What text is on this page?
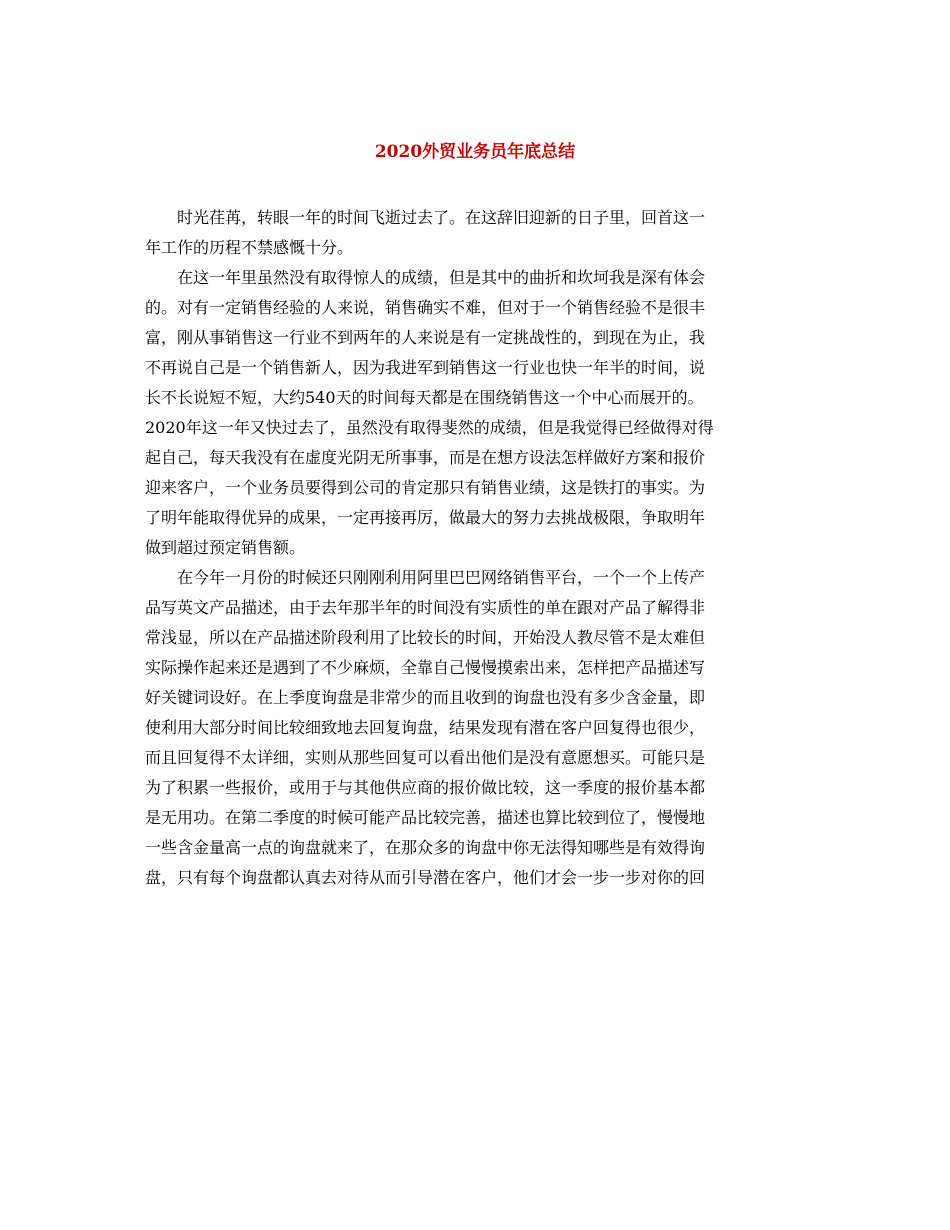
2020外贸业务员年底总结
时光荏苒，转眼一年的时间飞逝过去了。在这辞旧迎新的日子里，回首这一
年工作的历程不禁感慨十分。
在这一年里虽然没有取得惊人的成绩，但是其中的曲折和坎坷我是深有体会
的。对有一定销售经验的人来说，销售确实不难，但对于一个销售经验不是很丰
富，刚从事销售这一行业不到两年的人来说是有一定挑战性的，到现在为止，我
不再说自己是一个销售新人，因为我进军到销售这一行业也快一年半的时间，说
长不长说短不短，大约540天的时间每天都是在围绕销售这一个中心而展开的。
2020年这一年又快过去了，虽然没有取得斐然的成绩，但是我觉得已经做得对得
起自己，每天我没有在虚度光阴无所事事，而是在想方设法怎样做好方案和报价
迎来客户，一个业务员要得到公司的肯定那只有销售业绩，这是铁打的事实。为
了明年能取得优异的成果，一定再接再厉，做最大的努力去挑战极限，争取明年
做到超过预定销售额。
在今年一月份的时候还只刚刚利用阿里巴巴网络销售平台，一个一个上传产
品写英文产品描述，由于去年那半年的时间没有实质性的单在跟对产品了解得非
常浅显，所以在产品描述阶段利用了比较长的时间，开始没人教尽管不是太难但
实际操作起来还是遇到了不少麻烦，全靠自己慢慢摸索出来，怎样把产品描述写
好关键词设好。在上季度询盘是非常少的而且收到的询盘也没有多少含金量，即
使利用大部分时间比较细致地去回复询盘，结果发现有潜在客户回复得也很少，
而且回复得不太详细，实则从那些回复可以看出他们是没有意愿想买。可能只是
为了积累一些报价，或用于与其他供应商的报价做比较，这一季度的报价基本都
是无用功。在第二季度的时候可能产品比较完善，描述也算比较到位了，慢慢地
一些含金量高一点的询盘就来了，在那众多的询盘中你无法得知哪些是有效得询
盘，只有每个询盘都认真去对待从而引导潜在客户，他们才会一步一步对你的回
